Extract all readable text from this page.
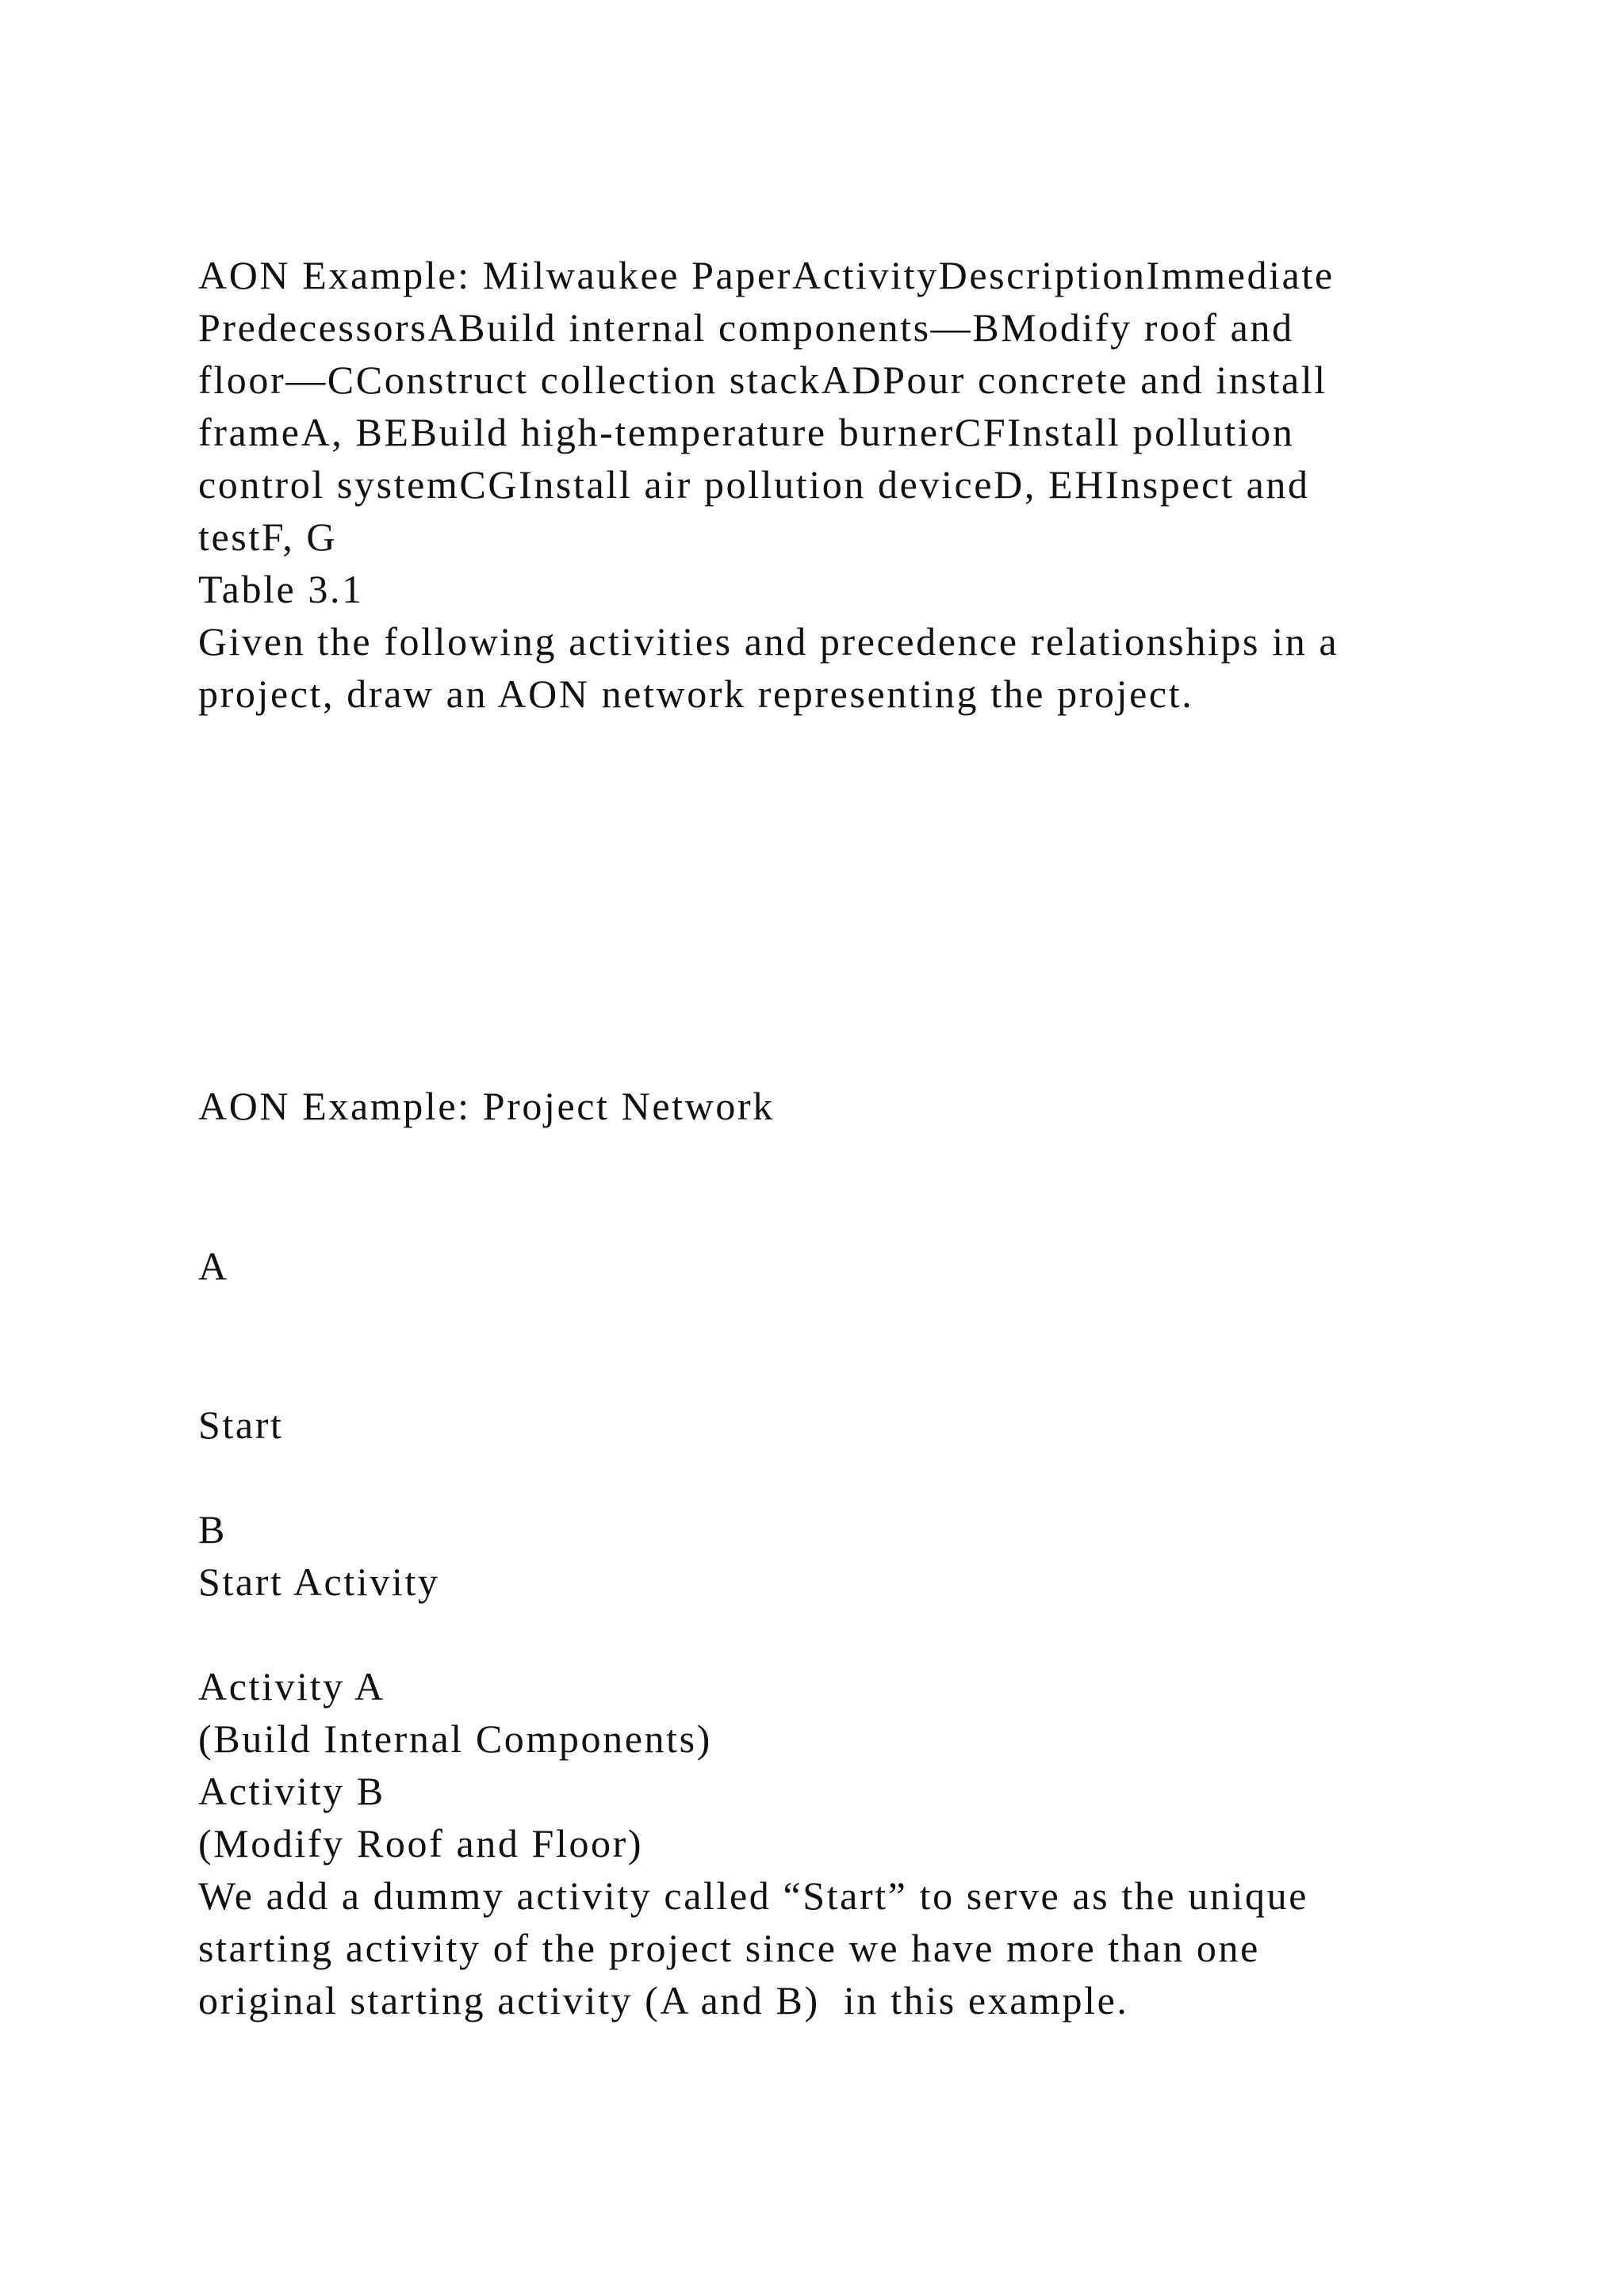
AON Example: Milwaukee PaperActivityDescriptionImmediate

PredecessorsABuild internal components—BModify roof and

floor—CConstruct collection stackADPour concrete and install

frameA, BEBuild high-temperature burnerCFInstall pollution

control systemCGInstall air pollution deviceD, EHInspect and

testF, G

Table 3.1

Given the following activities and precedence relationships in a

project, draw an AON network representing the project.

AON Example: Project Network

A

Start

B

Start Activity

Activity A

(Build Internal Components)

Activity B

(Modify Roof and Floor)

We add a dummy activity called “Start” to serve as the unique

starting activity of the project since we have more than one

original starting activity (A and B)  in this example.
